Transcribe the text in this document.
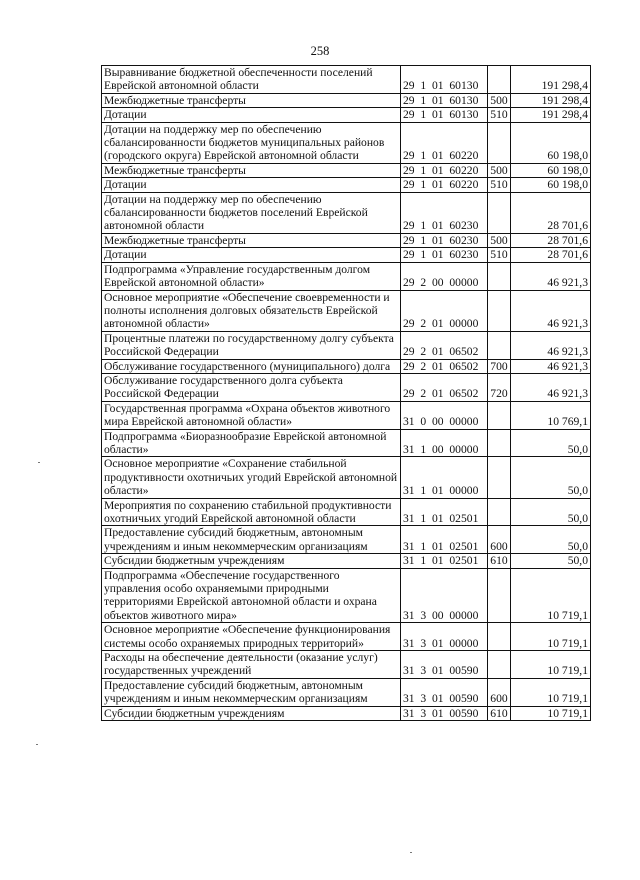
258
Выравнивание бюджетной обеспеченности поселений Еврейской автономной области	29  1  01  60130		191 298,4
Межбюджетные трансферты	29  1  01  60130	500	191 298,4
Дотации	29  1  01  60130	510	191 298,4
Дотации на поддержку мер по обеспечению сбалансированности бюджетов муниципальных районов (городского округа) Еврейской автономной области	29  1  01  60220		60 198,0
Межбюджетные трансферты	29  1  01  60220	500	60 198,0
Дотации	29  1  01  60220	510	60 198,0
Дотации на поддержку мер по обеспечению сбалансированности бюджетов поселений Еврейской автономной области	29  1  01  60230		28 701,6
Межбюджетные трансферты	29  1  01  60230	500	28 701,6
Дотации	29  1  01  60230	510	28 701,6
Подпрограмма «Управление государственным долгом Еврейской автономной области»	29  2  00  00000		46 921,3
Основное мероприятие «Обеспечение своевременности и полноты исполнения долговых обязательств Еврейской автономной области»	29  2  01  00000		46 921,3
Процентные платежи по государственному долгу субъекта Российской Федерации	29  2  01  06502		46 921,3
Обслуживание государственного (муниципального) долга	29  2  01  06502	700	46 921,3
Обслуживание государственного долга субъекта Российской Федерации	29  2  01  06502	720	46 921,3
Государственная программа «Охрана объектов животного мира Еврейской автономной области»	31  0  00  00000		10 769,1
Подпрограмма «Биоразнообразие Еврейской автономной области»	31  1  00  00000		50,0
Основное мероприятие «Сохранение стабильной продуктивности охотничьих угодий Еврейской автономной области»	31  1  01  00000		50,0
Мероприятия по сохранению стабильной продуктивности охотничьих угодий Еврейской автономной области	31  1  01  02501		50,0
Предоставление субсидий бюджетным, автономным учреждениям и иным некоммерческим организациям	31  1  01  02501	600	50,0
Субсидии бюджетным учреждениям	31  1  01  02501	610	50,0
Подпрограмма «Обеспечение государственного управления особо охраняемыми природными территориями Еврейской автономной области и охрана объектов животного мира»	31  3  00  00000		10 719,1
Основное мероприятие «Обеспечение функционирования системы особо охраняемых природных территорий»	31  3  01  00000		10 719,1
Расходы на обеспечение деятельности (оказание услуг) государственных учреждений	31  3  01  00590		10 719,1
Предоставление субсидий бюджетным, автономным учреждениям и иным некоммерческим организациям	31  3  01  00590	600	10 719,1
Субсидии бюджетным учреждениям	31  3  01  00590	610	10 719,1
